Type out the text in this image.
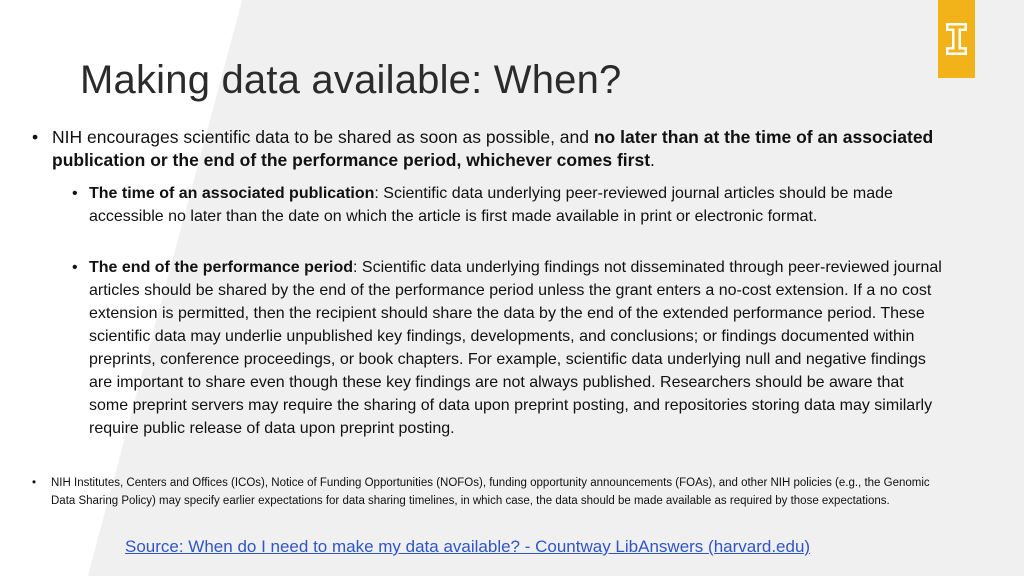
Making data available: When?
• NIH encourages scientific data to be shared as soon as possible, and no later than at the time of an associated publication or the end of the performance period, whichever comes first.
• The time of an associated publication: Scientific data underlying peer-reviewed journal articles should be made accessible no later than the date on which the article is first made available in print or electronic format.
• The end of the performance period: Scientific data underlying findings not disseminated through peer-reviewed journal articles should be shared by the end of the performance period unless the grant enters a no-cost extension. If a no cost extension is permitted, then the recipient should share the data by the end of the extended performance period. These scientific data may underlie unpublished key findings, developments, and conclusions; or findings documented within preprints, conference proceedings, or book chapters. For example, scientific data underlying null and negative findings are important to share even though these key findings are not always published. Researchers should be aware that some preprint servers may require the sharing of data upon preprint posting, and repositories storing data may similarly require public release of data upon preprint posting.
• NIH Institutes, Centers and Offices (ICOs), Notice of Funding Opportunities (NOFOs), funding opportunity announcements (FOAs), and other NIH policies (e.g., the Genomic Data Sharing Policy) may specify earlier expectations for data sharing timelines, in which case, the data should be made available as required by those expectations.
Source: When do I need to make my data available? - Countway LibAnswers (harvard.edu)
